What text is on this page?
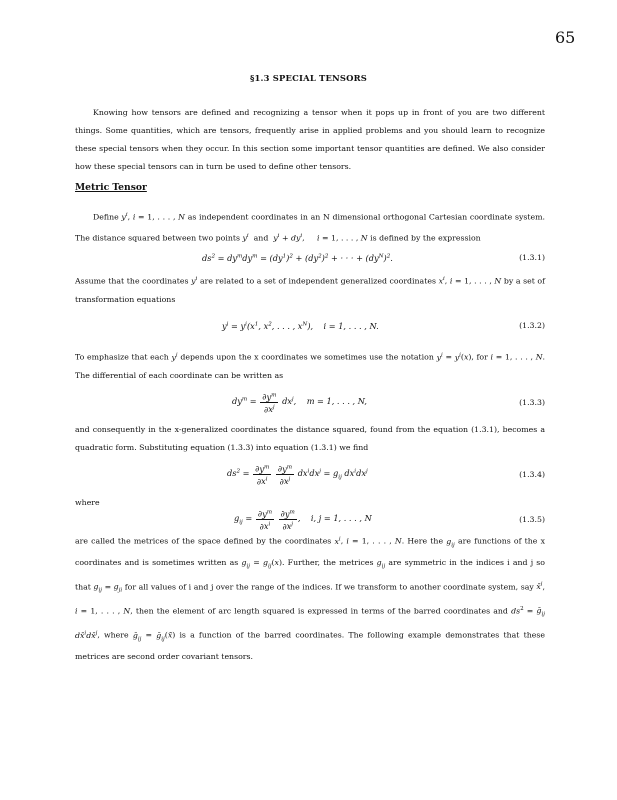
65
§1.3 SPECIAL TENSORS
Knowing how tensors are defined and recognizing a tensor when it pops up in front of you are two different things. Some quantities, which are tensors, frequently arise in applied problems and you should learn to recognize these special tensors when they occur. In this section some important tensor quantities are defined. We also consider how these special tensors can in turn be used to define other tensors.
Metric Tensor
Define $y^i$, i = 1, . . . , N as independent coordinates in an N dimensional orthogonal Cartesian coordinate system. The distance squared between two points $y^i$  and  $y^i + dy^i$,     i = 1, . . . , N is defined by the expression
$ds^2 = dy^mdy^m = (dy^1)^2 + (dy^2)^2$ + · · · + $(dy^N)^2$.	(1.3.1)
Assume that the coordinates $y^i$ are related to a set of independent generalized coordinates $x^i$, i = 1, . . . , N by a set of transformation equations
$y^i = y^i(x^1$, $x^2$, . . . , $x^N$),    i = 1, . . . , N.	(1.3.2)
To emphasize that each $y^i$ depends upon the x coordinates we sometimes use the notation $y^i = y^i(x)$, for i = 1, . . . , N. The differential of each coordinate can be written as
$dy^m = \frac{\partial y^m}{\partial x^j} dx^j$,    m = 1, . . . , N,	(1.3.3)
and consequently in the x-generalized coordinates the distance squared, found from the equation (1.3.1), becomes a quadratic form. Substituting equation (1.3.3) into equation (1.3.1) we find
$ds^2 = \frac{\partial y^m}{\partial x^i}$
$\frac{\partial y^m}{\partial x^j} dx^idx^j = g_{ij}$ $dx^idx^j$	(1.3.4)
where
$g_{ij} = \frac{\partial y^m}{\partial x^i}$
$\frac{\partial y^m}{\partial x^j}$ ,    i, j = 1, . . . , N	(1.3.5)
are called the metrices of the space defined by the coordinates $x^i$, i = 1, . . . , N. Here the $g_{ij}$ are functions of the x coordinates and is sometimes written as $g_{ij} = g_{ij}(x)$. Further, the metrices $g_{ij}$ are symmetric in the indices i and j so that $g_{ij} = g_{ji}$ for all values of i and j over the range of the indices. If we transform to another coordinate system, say x̄$^i$, i = 1, . . . , N, then the element of arc length squared is expressed in terms of the barred coordinates and $ds^2$ = ḡ$_{ij}$ dx̄$^i$dx̄$^j$, where ḡ$_{ij}$ = ḡ$_{ij}$(x̄) is a function of the barred coordinates. The following example demonstrates that these metrices are second order covariant tensors.
